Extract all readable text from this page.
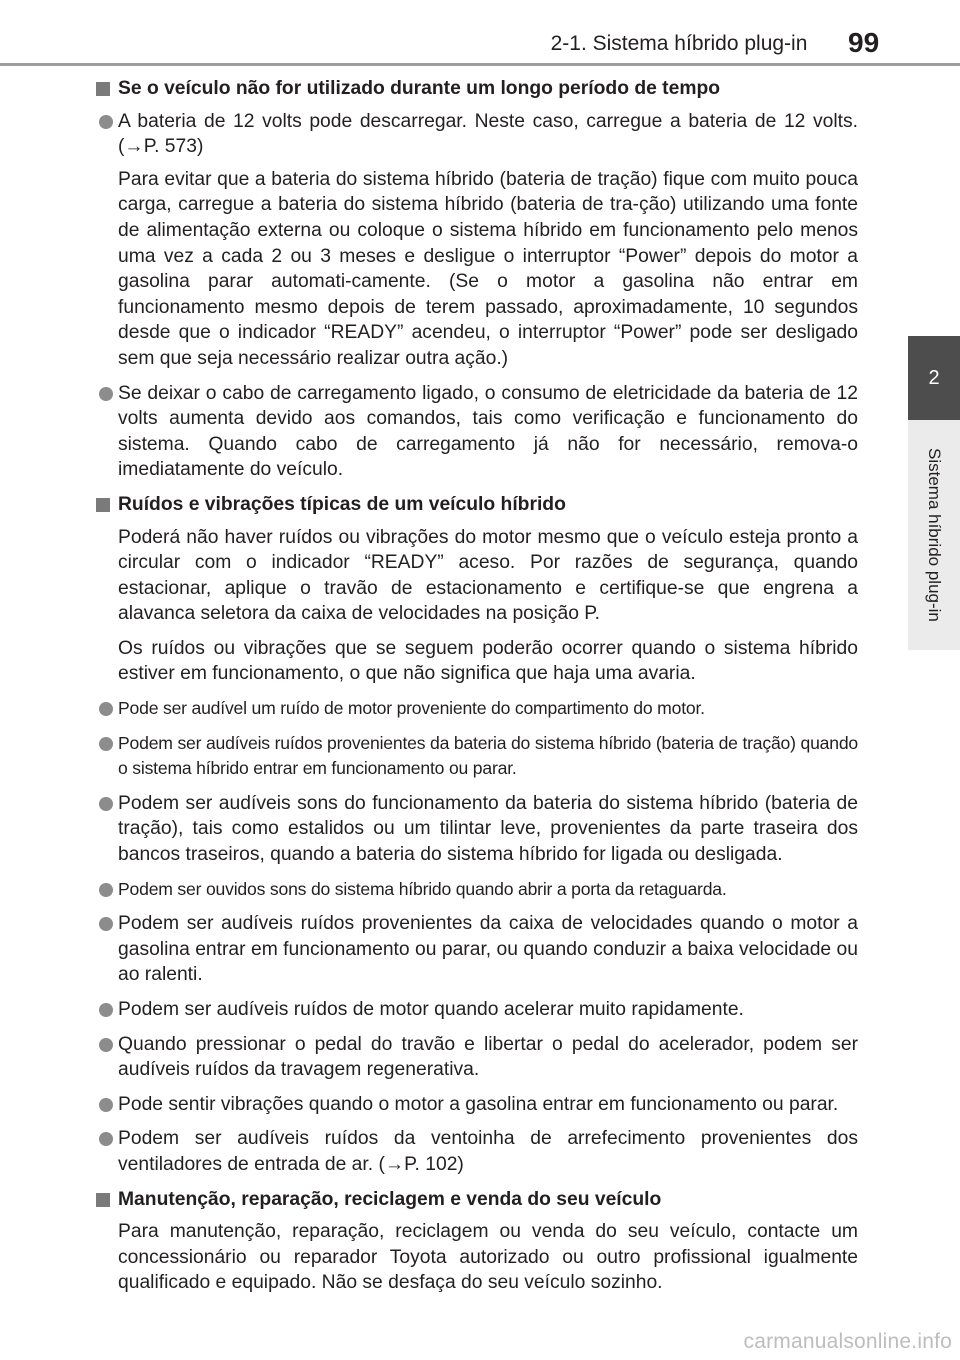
2-1. Sistema híbrido plug-in	99
2
Sistema híbrido plug-in
Se o veículo não for utilizado durante um longo período de tempo
A bateria de 12 volts pode descarregar. Neste caso, carregue a bateria de 12 volts. (→P. 573)
Para evitar que a bateria do sistema híbrido (bateria de tração) fique com muito pouca carga, carregue a bateria do sistema híbrido (bateria de tra-ção) utilizando uma fonte de alimentação externa ou coloque o sistema híbrido em funcionamento pelo menos uma vez a cada 2 ou 3 meses e desligue o interruptor “Power” depois do motor a gasolina parar automati-camente. (Se o motor a gasolina não entrar em funcionamento mesmo depois de terem passado, aproximadamente, 10 segundos desde que o indicador “READY” acendeu, o interruptor “Power” pode ser desligado sem que seja necessário realizar outra ação.)
Se deixar o cabo de carregamento ligado, o consumo de eletricidade da bateria de 12 volts aumenta devido aos comandos, tais como verificação e funcionamento do sistema. Quando cabo de carregamento já não for necessário, remova-o imediatamente do veículo.
Ruídos e vibrações típicas de um veículo híbrido
Poderá não haver ruídos ou vibrações do motor mesmo que o veículo esteja pronto a circular com o indicador “READY” aceso. Por razões de segurança, quando estacionar, aplique o travão de estacionamento e certifique-se que engrena a alavanca seletora da caixa de velocidades na posição P.
Os ruídos ou vibrações que se seguem poderão ocorrer quando o sistema híbrido estiver em funcionamento, o que não significa que haja uma avaria.
Pode ser audível um ruído de motor proveniente do compartimento do motor.
Podem ser audíveis ruídos provenientes da bateria do sistema híbrido (bateria de tração) quando o sistema híbrido entrar em funcionamento ou parar.
Podem ser audíveis sons do funcionamento da bateria do sistema híbrido (bateria de tração), tais como estalidos ou um tilintar leve, provenientes da parte traseira dos bancos traseiros, quando a bateria do sistema híbrido for ligada ou desligada.
Podem ser ouvidos sons do sistema híbrido quando abrir a porta da retaguarda.
Podem ser audíveis ruídos provenientes da caixa de velocidades quando o motor a gasolina entrar em funcionamento ou parar, ou quando conduzir a baixa velocidade ou ao ralenti.
Podem ser audíveis ruídos de motor quando acelerar muito rapidamente.
Quando pressionar o pedal do travão e libertar o pedal do acelerador, podem ser audíveis ruídos da travagem regenerativa.
Pode sentir vibrações quando o motor a gasolina entrar em funcionamento ou parar.
Podem ser audíveis ruídos da ventoinha de arrefecimento provenientes dos ventiladores de entrada de ar. (→P. 102)
Manutenção, reparação, reciclagem e venda do seu veículo
Para manutenção, reparação, reciclagem ou venda do seu veículo, contacte um concessionário ou reparador Toyota autorizado ou outro profissional igualmente qualificado e equipado. Não se desfaça do seu veículo sozinho.
carmanualsonline.info
